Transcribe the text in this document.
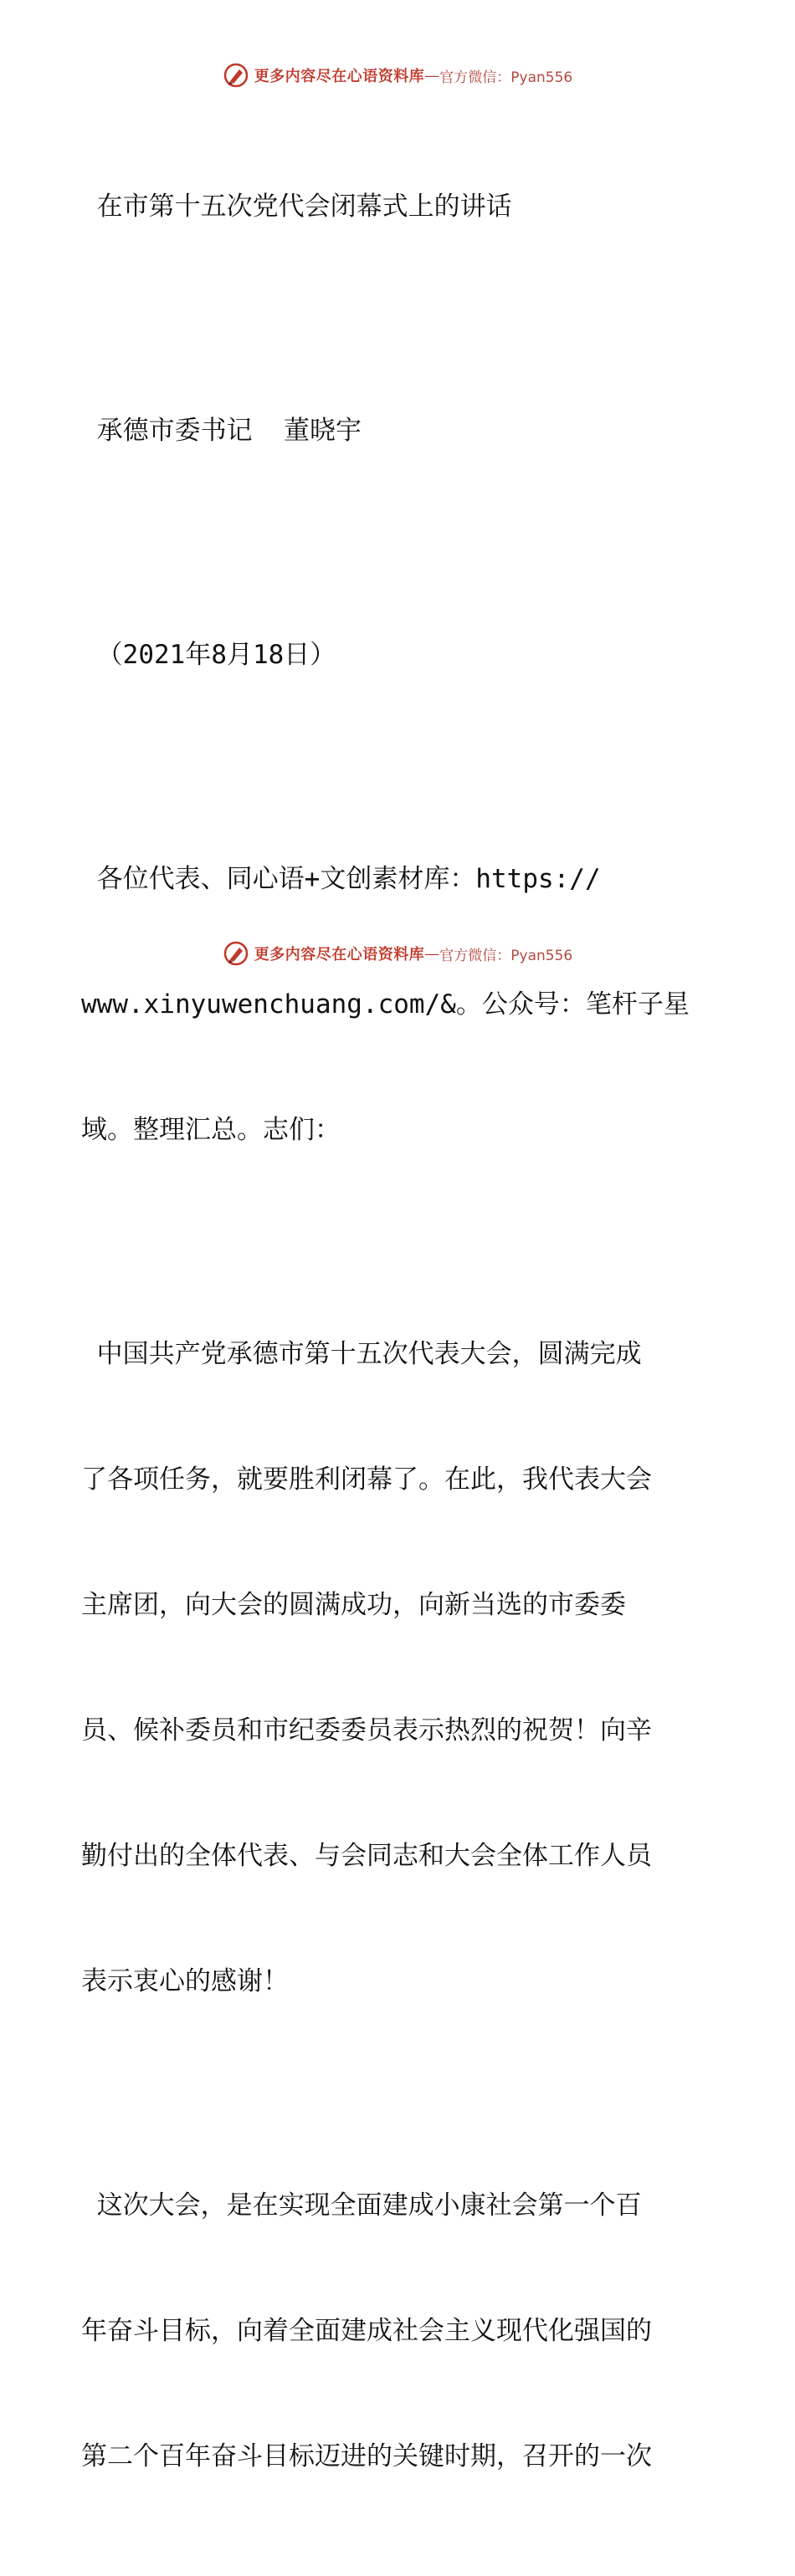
更多内容尽在心语资料库 — 官方微信：Pyan556

在市第十五次党代会闭幕式上的讲话

承德市委书记  董晓宇

（2021年8月18日）

各位代表、同心语+文创素材库：https://

www.xinyuwenchuang.com/&。公众号：笔杆子星

域。整理汇总。志们：

中国共产党承德市第十五次代表大会，圆满完成

了各项任务，就要胜利闭幕了。在此，我代表大会

主席团，向大会的圆满成功，向新当选的市委委

员、候补委员和市纪委委员表示热烈的祝贺！向辛

勤付出的全体代表、与会同志和大会全体工作人员

表示衷心的感谢！

这次大会，是在实现全面建成小康社会第一个百

年奋斗目标，向着全面建成社会主义现代化强国的

第二个百年奋斗目标迈进的关键时期，召开的一次

更多内容尽在心语资料库 — 官方微信：Pyan556
